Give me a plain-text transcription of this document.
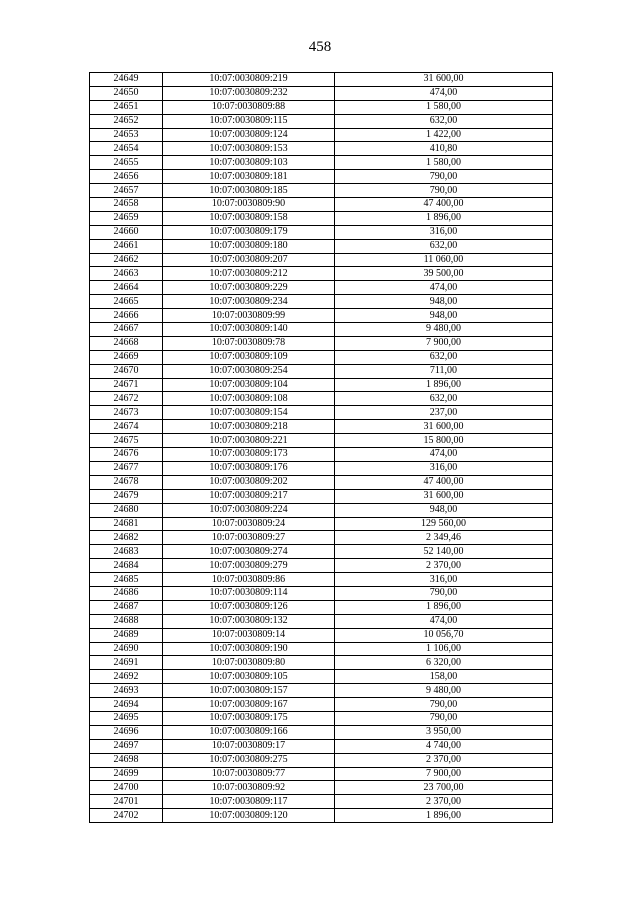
458
24649	10:07:0030809:219	31 600,00
24650	10:07:0030809:232	474,00
24651	10:07:0030809:88	1 580,00
24652	10:07:0030809:115	632,00
24653	10:07:0030809:124	1 422,00
24654	10:07:0030809:153	410,80
24655	10:07:0030809:103	1 580,00
24656	10:07:0030809:181	790,00
24657	10:07:0030809:185	790,00
24658	10:07:0030809:90	47 400,00
24659	10:07:0030809:158	1 896,00
24660	10:07:0030809:179	316,00
24661	10:07:0030809:180	632,00
24662	10:07:0030809:207	11 060,00
24663	10:07:0030809:212	39 500,00
24664	10:07:0030809:229	474,00
24665	10:07:0030809:234	948,00
24666	10:07:0030809:99	948,00
24667	10:07:0030809:140	9 480,00
24668	10:07:0030809:78	7 900,00
24669	10:07:0030809:109	632,00
24670	10:07:0030809:254	711,00
24671	10:07:0030809:104	1 896,00
24672	10:07:0030809:108	632,00
24673	10:07:0030809:154	237,00
24674	10:07:0030809:218	31 600,00
24675	10:07:0030809:221	15 800,00
24676	10:07:0030809:173	474,00
24677	10:07:0030809:176	316,00
24678	10:07:0030809:202	47 400,00
24679	10:07:0030809:217	31 600,00
24680	10:07:0030809:224	948,00
24681	10:07:0030809:24	129 560,00
24682	10:07:0030809:27	2 349,46
24683	10:07:0030809:274	52 140,00
24684	10:07:0030809:279	2 370,00
24685	10:07:0030809:86	316,00
24686	10:07:0030809:114	790,00
24687	10:07:0030809:126	1 896,00
24688	10:07:0030809:132	474,00
24689	10:07:0030809:14	10 056,70
24690	10:07:0030809:190	1 106,00
24691	10:07:0030809:80	6 320,00
24692	10:07:0030809:105	158,00
24693	10:07:0030809:157	9 480,00
24694	10:07:0030809:167	790,00
24695	10:07:0030809:175	790,00
24696	10:07:0030809:166	3 950,00
24697	10:07:0030809:17	4 740,00
24698	10:07:0030809:275	2 370,00
24699	10:07:0030809:77	7 900,00
24700	10:07:0030809:92	23 700,00
24701	10:07:0030809:117	2 370,00
24702	10:07:0030809:120	1 896,00
